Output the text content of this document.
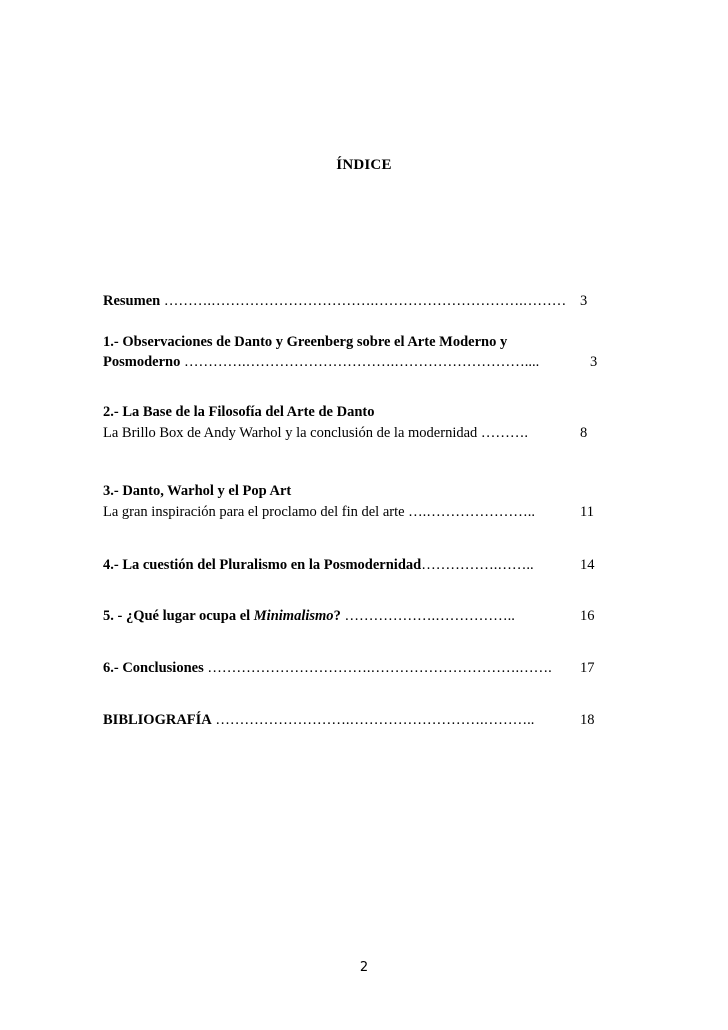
ÍNDICE
Resumen ……….…………………………….………………………….……… 3
1.- Observaciones de Danto y Greenberg sobre el Arte Moderno y
Posmoderno ………….………………………….………………………....	3
2.- La Base de la Filosofía del Arte de Danto
La Brillo Box de Andy Warhol y la conclusión de la modernidad ……….	8
3.- Danto, Warhol y el Pop Art
La gran inspiración para el proclamo del fin del arte ….…………………..	11
4.- La cuestión del Pluralismo en la Posmodernidad…………….……..	14
5. - ¿Qué lugar ocupa el Minimalismo? ……………….……………..	16
6.- Conclusiones …………………………….………………………….……. 17
BIBLIOGRAFÍA ……………………….……………………….………..	18
2
